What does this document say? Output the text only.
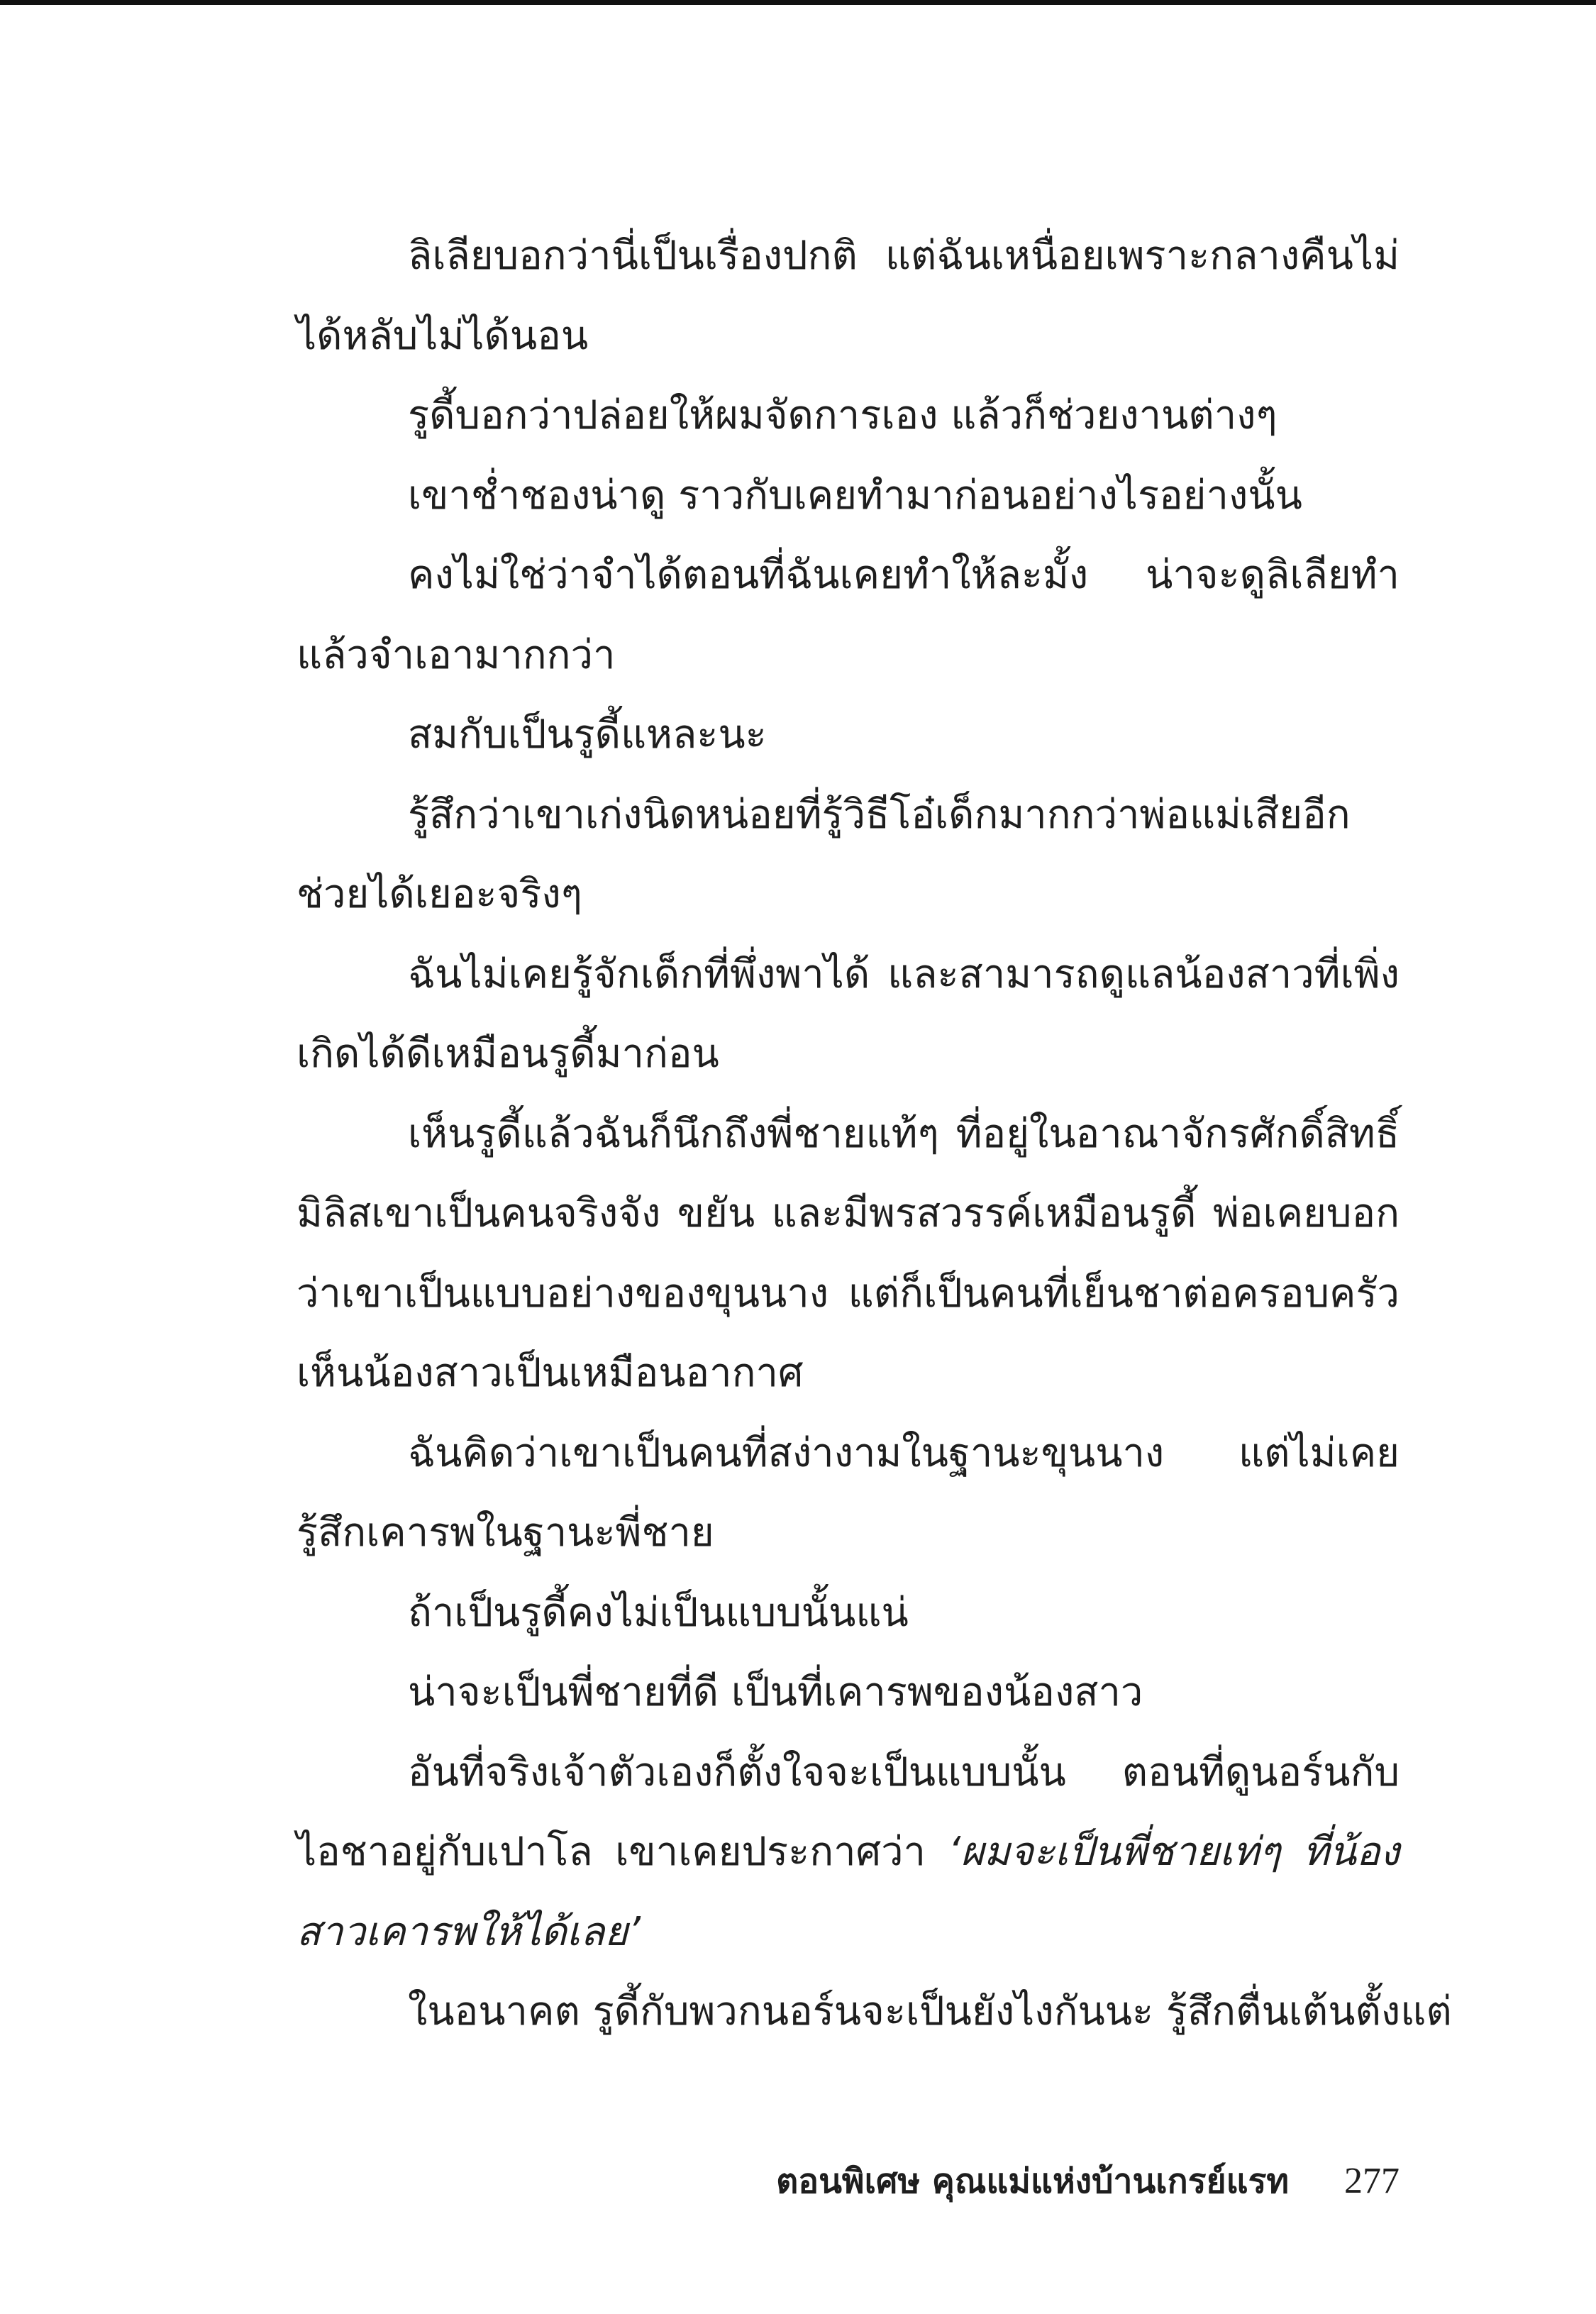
ลิเลียบอกว่านี่เป็นเรื่องปกติ แต่ฉันเหนื่อยเพราะกลางคืนไม่ได้หลับไม่ได้นอน

รูดี้บอกว่าปล่อยให้ผมจัดการเอง แล้วก็ช่วยงานต่างๆ

เขาช่ำชองน่าดู ราวกับเคยทำมาก่อนอย่างไรอย่างนั้น

คงไม่ใช่ว่าจำได้ตอนที่ฉันเคยทำให้ละมั้ง น่าจะดูลิเลียทำแล้วจำเอามากกว่า

สมกับเป็นรูดี้แหละนะ

รู้สึกว่าเขาเก่งนิดหน่อยที่รู้วิธีโอ๋เด็กมากกว่าพ่อแม่เสียอีก ช่วยได้เยอะจริงๆ

ฉันไม่เคยรู้จักเด็กที่พึ่งพาได้ และสามารถดูแลน้องสาวที่เพิ่งเกิดได้ดีเหมือนรูดี้มาก่อน

เห็นรูดี้แล้วฉันก็นึกถึงพี่ชายแท้ๆ ที่อยู่ในอาณาจักรศักดิ์สิทธิ์มิลิสเขาเป็นคนจริงจัง ขยัน และมีพรสวรรค์เหมือนรูดี้ พ่อเคยบอกว่าเขาเป็นแบบอย่างของขุนนาง แต่ก็เป็นคนที่เย็นชาต่อครอบครัว เห็นน้องสาวเป็นเหมือนอากาศ

ฉันคิดว่าเขาเป็นคนที่สง่างามในฐานะขุนนาง แต่ไม่เคยรู้สึกเคารพในฐานะพี่ชาย

ถ้าเป็นรูดี้คงไม่เป็นแบบนั้นแน่

น่าจะเป็นพี่ชายที่ดี เป็นที่เคารพของน้องสาว

อันที่จริงเจ้าตัวเองก็ตั้งใจจะเป็นแบบนั้น ตอนที่ดูนอร์นกับไอชาอยู่กับเปาโล เขาเคยประกาศว่า ‘ผมจะเป็นพี่ชายเท่ๆ ที่น้องสาวเคารพให้ได้เลย’

ในอนาคต รูดี้กับพวกนอร์นจะเป็นยังไงกันนะ รู้สึกตื่นเต้นตั้งแต่

ตอนพิเศษ คุณแม่แห่งบ้านเกรย์แรท 277
